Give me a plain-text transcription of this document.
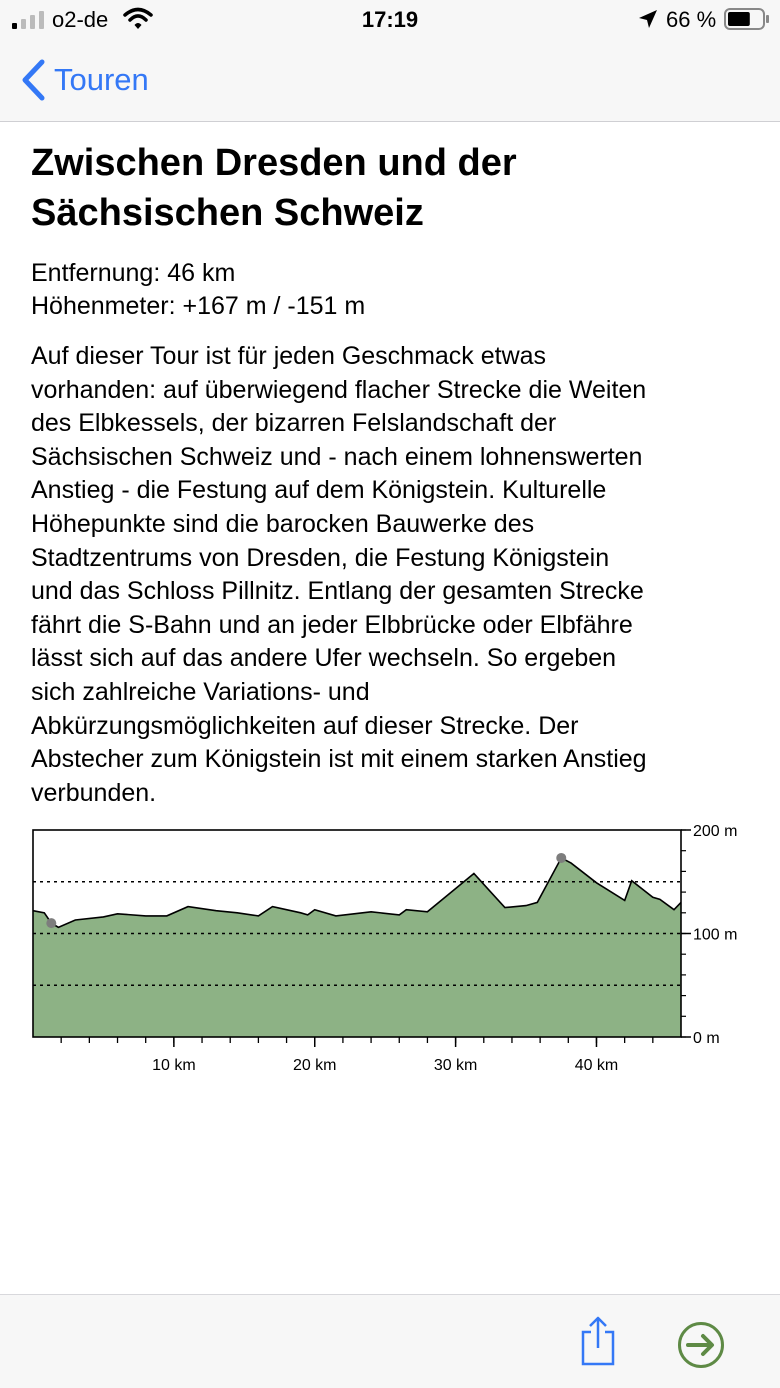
o2-de	17:19	66 %
Touren
Zwischen Dresden und der
Sächsischen Schweiz
Entfernung: 46 km
Höhenmeter: +167 m / -151 m
Auf dieser Tour ist für jeden Geschmack etwas
vorhanden: auf überwiegend flacher Strecke die Weiten
des Elbkessels, der bizarren Felslandschaft der
Sächsischen Schweiz und - nach einem lohnenswerten
Anstieg - die Festung auf dem Königstein. Kulturelle
Höhepunkte sind die barocken Bauwerke des
Stadtzentrums von Dresden, die Festung Königstein
und das Schloss Pillnitz. Entlang der gesamten Strecke
fährt die S-Bahn und an jeder Elbbrücke oder Elbfähre
lässt sich auf das andere Ufer wechseln. So ergeben
sich zahlreiche Variations- und
Abkürzungsmöglichkeiten auf dieser Strecke. Der
Abstecher zum Königstein ist mit einem starken Anstieg
verbunden.
10 km	20 km	30 km	40 km
0 m
100 m
200 m
